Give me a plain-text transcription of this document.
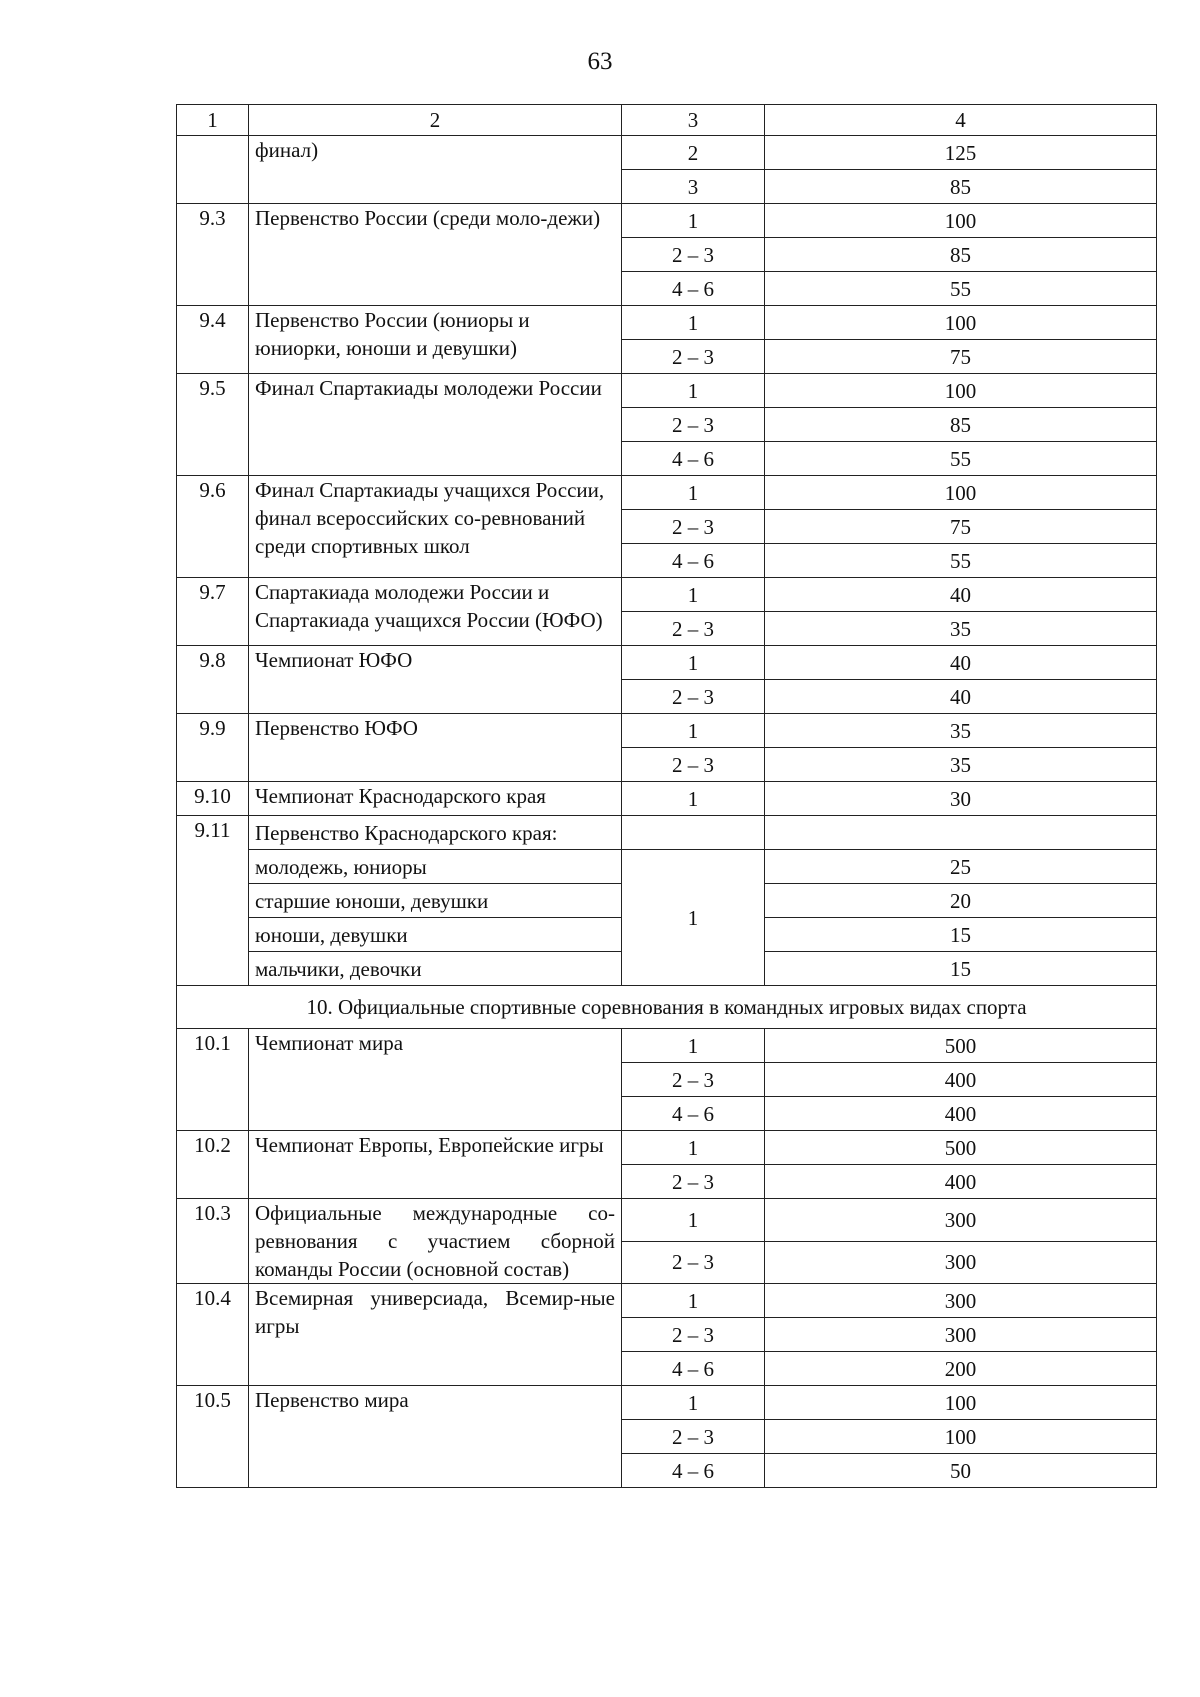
63
1	2	3	4
	финал)	2	125
		3	85
9.3	Первенство России (среди моло-дежи)	1	100
		2 – 3	85
		4 – 6	55
9.4	Первенство России (юниоры и юниорки, юноши и девушки)	1	100
		2 – 3	75
9.5	Финал Спартакиады молодежи России	1	100
		2 – 3	85
		4 – 6	55
9.6	Финал Спартакиады учащихся России, финал всероссийских со-ревнований среди спортивных школ	1	100
		2 – 3	75
		4 – 6	55
9.7	Спартакиада молодежи России и Спартакиада учащихся России (ЮФО)	1	40
		2 – 3	35
9.8	Чемпионат ЮФО	1	40
		2 – 3	40
9.9	Первенство ЮФО	1	35
		2 – 3	35
9.10	Чемпионат Краснодарского края	1	30
9.11	Первенство Краснодарского края:		
	молодежь, юниоры	1	25
	старшие юноши, девушки		20
	юноши, девушки		15
	мальчики, девочки		15
10. Официальные спортивные соревнования в командных игровых видах спорта			
10.1	Чемпионат мира	1	500
		2 – 3	400
		4 – 6	400
10.2	Чемпионат Европы, Европейские игры	1	500
		2 – 3	400
10.3	Официальные международные со-ревнования с участием сборной команды России (основной состав)	1	300
		2 – 3	300
10.4	Всемирная универсиада, Всемир-ные игры	1	300
		2 – 3	300
		4 – 6	200
10.5	Первенство мира	1	100
		2 – 3	100
		4 – 6	50
